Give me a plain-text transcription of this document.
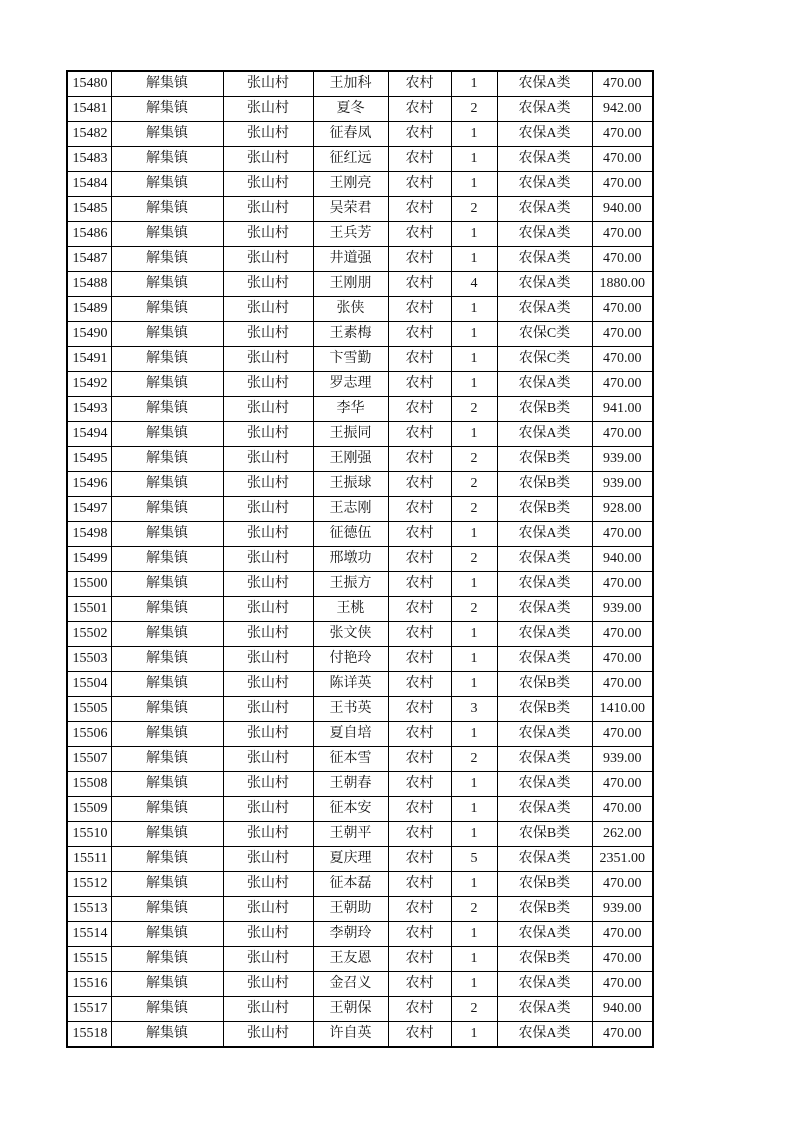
15480	解集镇	张山村	王加科	农村	1	农保A类	470.00
15481	解集镇	张山村	夏冬	农村	2	农保A类	942.00
15482	解集镇	张山村	征春凤	农村	1	农保A类	470.00
15483	解集镇	张山村	征红远	农村	1	农保A类	470.00
15484	解集镇	张山村	王刚亮	农村	1	农保A类	470.00
15485	解集镇	张山村	吴荣君	农村	2	农保A类	940.00
15486	解集镇	张山村	王兵芳	农村	1	农保A类	470.00
15487	解集镇	张山村	井道强	农村	1	农保A类	470.00
15488	解集镇	张山村	王刚朋	农村	4	农保A类	1880.00
15489	解集镇	张山村	张侠	农村	1	农保A类	470.00
15490	解集镇	张山村	王素梅	农村	1	农保C类	470.00
15491	解集镇	张山村	卞雪勤	农村	1	农保C类	470.00
15492	解集镇	张山村	罗志理	农村	1	农保A类	470.00
15493	解集镇	张山村	李华	农村	2	农保B类	941.00
15494	解集镇	张山村	王振同	农村	1	农保A类	470.00
15495	解集镇	张山村	王刚强	农村	2	农保B类	939.00
15496	解集镇	张山村	王振球	农村	2	农保B类	939.00
15497	解集镇	张山村	王志刚	农村	2	农保B类	928.00
15498	解集镇	张山村	征德伍	农村	1	农保A类	470.00
15499	解集镇	张山村	邢墩功	农村	2	农保A类	940.00
15500	解集镇	张山村	王振方	农村	1	农保A类	470.00
15501	解集镇	张山村	王桃	农村	2	农保A类	939.00
15502	解集镇	张山村	张文侠	农村	1	农保A类	470.00
15503	解集镇	张山村	付艳玲	农村	1	农保A类	470.00
15504	解集镇	张山村	陈详英	农村	1	农保B类	470.00
15505	解集镇	张山村	王书英	农村	3	农保B类	1410.00
15506	解集镇	张山村	夏自培	农村	1	农保A类	470.00
15507	解集镇	张山村	征本雪	农村	2	农保A类	939.00
15508	解集镇	张山村	王朝春	农村	1	农保A类	470.00
15509	解集镇	张山村	征本安	农村	1	农保A类	470.00
15510	解集镇	张山村	王朝平	农村	1	农保B类	262.00
15511	解集镇	张山村	夏庆理	农村	5	农保A类	2351.00
15512	解集镇	张山村	征本磊	农村	1	农保B类	470.00
15513	解集镇	张山村	王朝助	农村	2	农保B类	939.00
15514	解集镇	张山村	李朝玲	农村	1	农保A类	470.00
15515	解集镇	张山村	王友恩	农村	1	农保B类	470.00
15516	解集镇	张山村	金召义	农村	1	农保A类	470.00
15517	解集镇	张山村	王朝保	农村	2	农保A类	940.00
15518	解集镇	张山村	许自英	农村	1	农保A类	470.00
